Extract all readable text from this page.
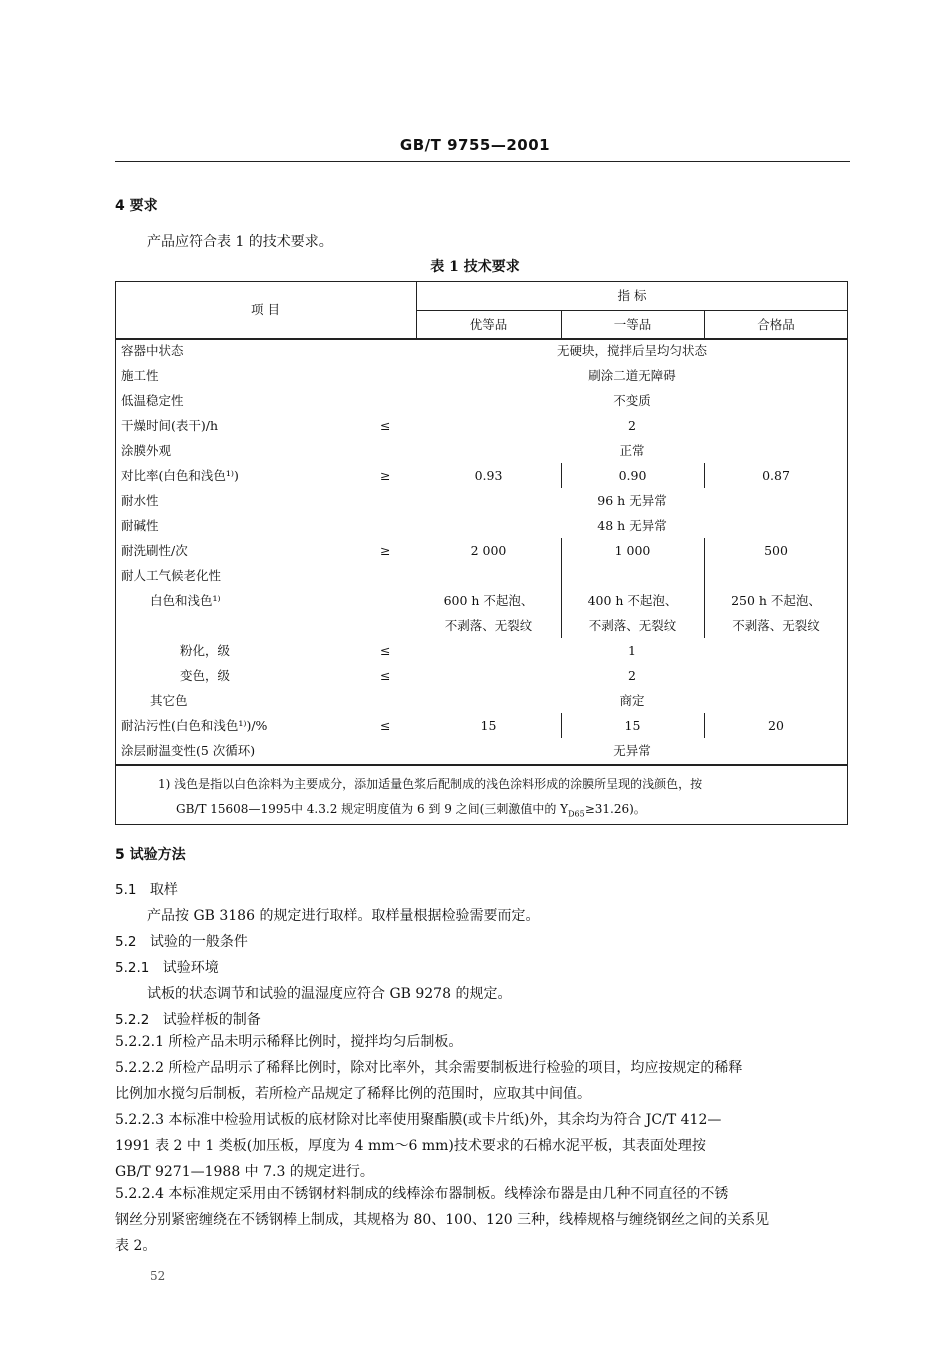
GB/T 9755—2001
4 要求
产品应符合表 1 的技术要求。
表 1 技术要求
项 目
指 标
优等品	一等品	合格品
容器中状态	无硬块，搅拌后呈均匀状态
施工性	刷涂二道无障碍
低温稳定性	不变质
干燥时间(表干)/h	≤	2
涂膜外观	正常
对比率(白色和浅色¹⁾)	≥	0.93	0.90	0.87
耐水性	96 h 无异常
耐碱性	48 h 无异常
耐洗刷性/次	≥	2 000	1 000	500
耐人工气候老化性
白色和浅色¹⁾	600 h 不起泡、	400 h 不起泡、	250 h 不起泡、
不剥落、无裂纹	不剥落、无裂纹	不剥落、无裂纹
粉化，级	≤	1
变色，级	≤	2
其它色	商定
耐沾污性(白色和浅色¹⁾)/%	≤	15	15	20
涂层耐温变性(5 次循环)	无异常
1) 浅色是指以白色涂料为主要成分，添加适量色浆后配制成的浅色涂料形成的涂膜所呈现的浅颜色，按
GB/T 15608—1995中 4.3.2 规定明度值为 6 到 9 之间(三刺激值中的 $Y_{D65}\ge 31.26$)。
5 试验方法
5.1 取样
产品按 GB 3186 的规定进行取样。取样量根据检验需要而定。
5.2 试验的一般条件
5.2.1 试验环境
试板的状态调节和试验的温湿度应符合 GB 9278 的规定。
5.2.2 试验样板的制备
5.2.2.1 所检产品未明示稀释比例时，搅拌均匀后制板。
5.2.2.2 所检产品明示了稀释比例时，除对比率外，其余需要制板进行检验的项目，均应按规定的稀释
比例加水搅匀后制板，若所检产品规定了稀释比例的范围时，应取其中间值。
5.2.2.3 本标准中检验用试板的底材除对比率使用聚酯膜(或卡片纸)外，其余均为符合 JC/T 412—
1991 表 2 中 1 类板(加压板，厚度为 4 mm～6 mm)技术要求的石棉水泥平板，其表面处理按
GB/T 9271—1988 中 7.3 的规定进行。
5.2.2.4 本标准规定采用由不锈钢材料制成的线棒涂布器制板。线棒涂布器是由几种不同直径的不锈
钢丝分别紧密缠绕在不锈钢棒上制成，其规格为 80、100、120 三种，线棒规格与缠绕钢丝之间的关系见
表 2。
52
